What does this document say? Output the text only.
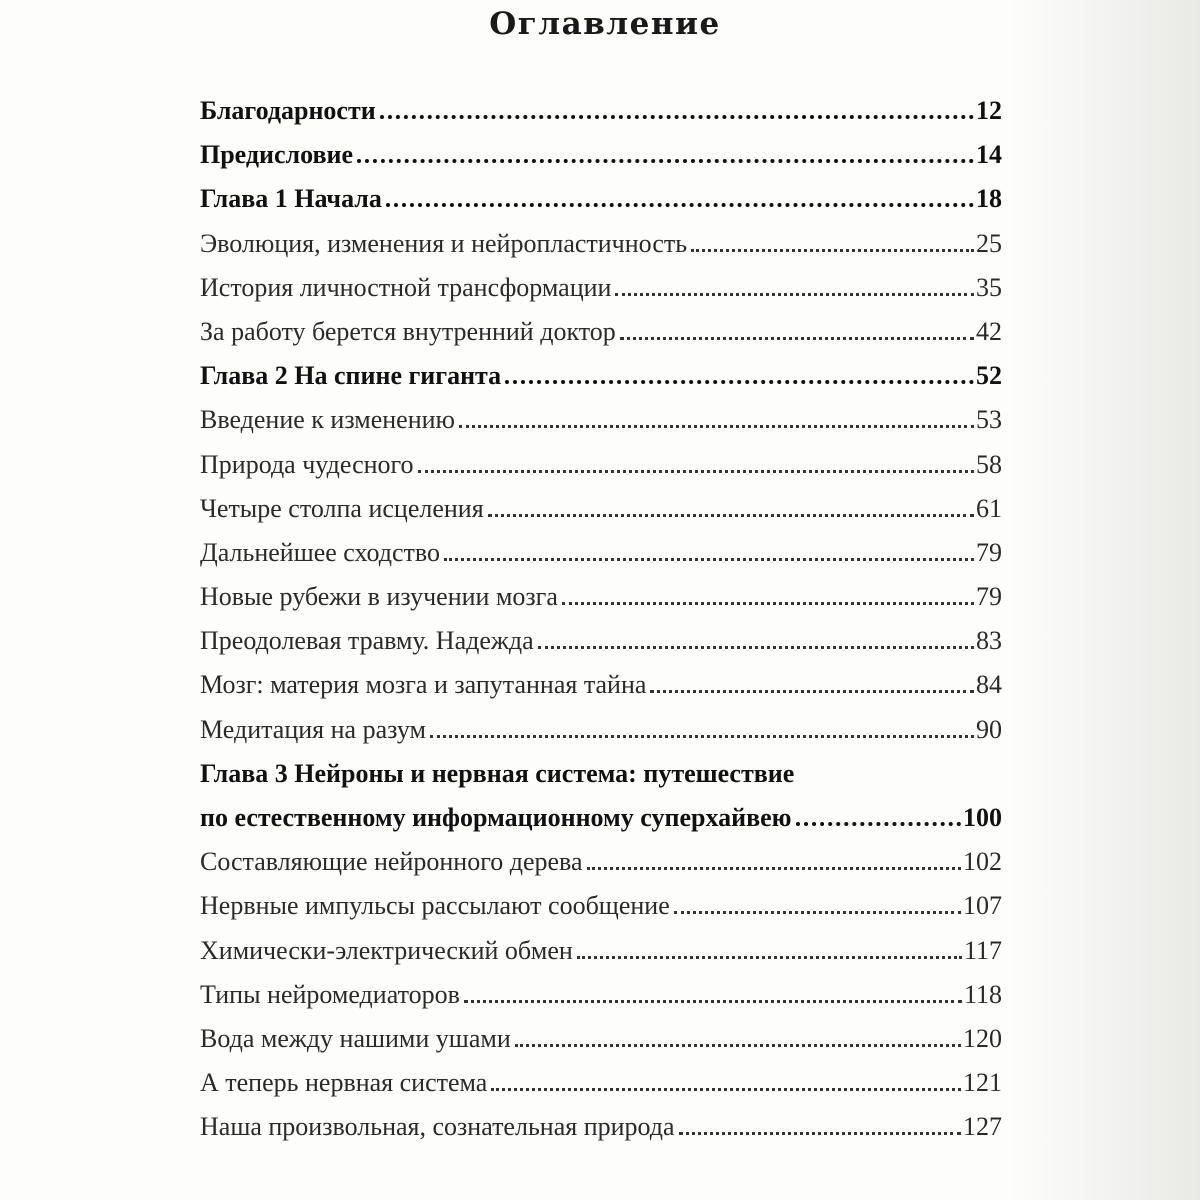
Оглавление
Благодарности	12
Предисловие	14
Глава 1 Начала	18
Эволюция, изменения и нейропластичность	25
История личностной трансформации	35
За работу берется внутренний доктор	42
Глава 2 На спине гиганта	52
Введение к изменению	53
Природа чудесного	58
Четыре столпа исцеления	61
Дальнейшее сходство	79
Новые рубежи в изучении мозга	79
Преодолевая травму. Надежда	83
Мозг: материя мозга и запутанная тайна	84
Медитация на разум	90
Глава 3 Нейроны и нервная система: путешествие
по естественному информационному суперхайвею	100
Составляющие нейронного дерева	102
Нервные импульсы рассылают сообщение	107
Химически-электрический обмен	117
Типы нейромедиаторов	118
Вода между нашими ушами	120
А теперь нервная система	121
Наша произвольная, сознательная природа	127
